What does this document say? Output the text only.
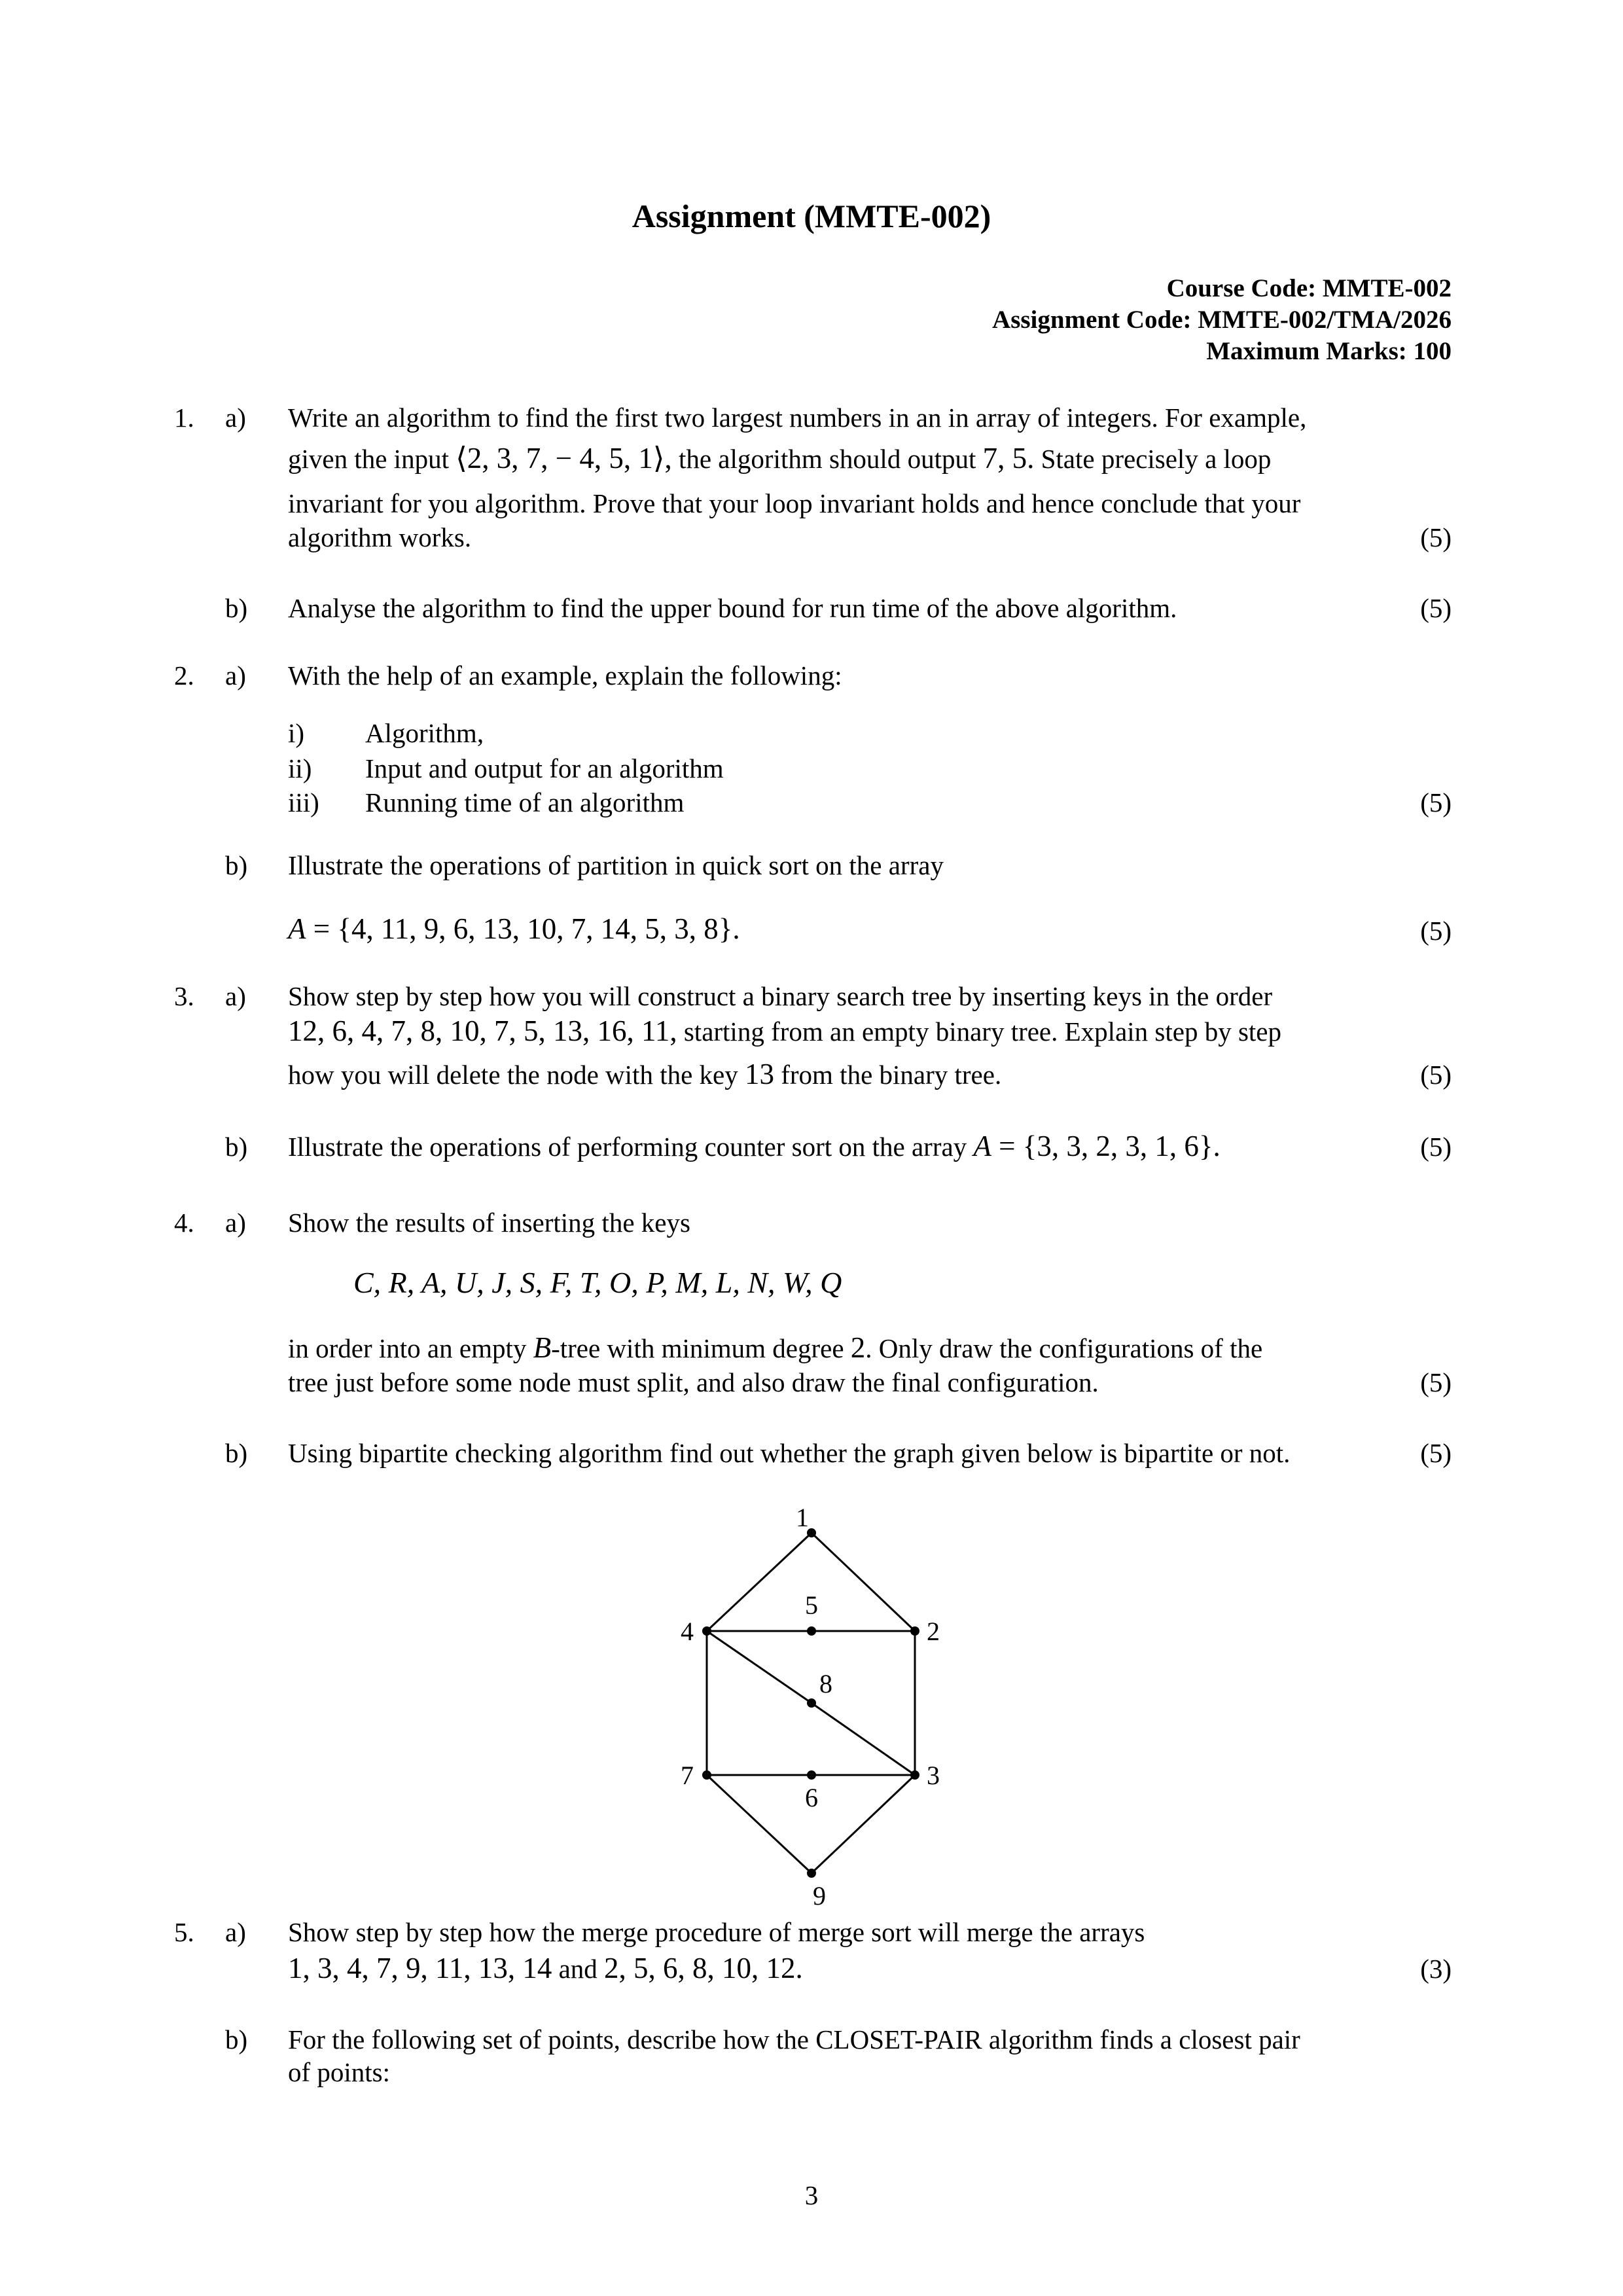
Assignment (MMTE-002)
Course Code: MMTE-002
Assignment Code: MMTE-002/TMA/2026
Maximum Marks: 100
1. a) Write an algorithm to find the first two largest numbers in an in array of integers. For example,
given the input ⟨2, 3, 7, − 4, 5, 1⟩, the algorithm should output 7, 5. State precisely a loop
invariant for you algorithm. Prove that your loop invariant holds and hence conclude that your
algorithm works.	(5)
b) Analyse the algorithm to find the upper bound for run time of the above algorithm.	(5)
2. a) With the help of an example, explain the following:
i) Algorithm,
ii) Input and output for an algorithm
iii) Running time of an algorithm	(5)
b) Illustrate the operations of partition in quick sort on the array
A = {4, 11, 9, 6, 13, 10, 7, 14, 5, 3, 8}.	(5)
3. a) Show step by step how you will construct a binary search tree by inserting keys in the order
12, 6, 4, 7, 8, 10, 7, 5, 13, 16, 11, starting from an empty binary tree. Explain step by step
how you will delete the node with the key 13 from the binary tree.	(5)
b) Illustrate the operations of performing counter sort on the array A = {3, 3, 2, 3, 1, 6}.	(5)
4. a) Show the results of inserting the keys
C, R, A, U, J, S, F, T, O, P, M, L, N, W, Q
in order into an empty B-tree with minimum degree 2. Only draw the configurations of the
tree just before some node must split, and also draw the final configuration.	(5)
b) Using bipartite checking algorithm find out whether the graph given below is bipartite or not.	(5)
1
2
3
4
5
6
7
8
9
5. a) Show step by step how the merge procedure of merge sort will merge the arrays
1, 3, 4, 7, 9, 11, 13, 14 and 2, 5, 6, 8, 10, 12.	(3)
b) For the following set of points, describe how the CLOSET-PAIR algorithm finds a closest pair
of points:
3
